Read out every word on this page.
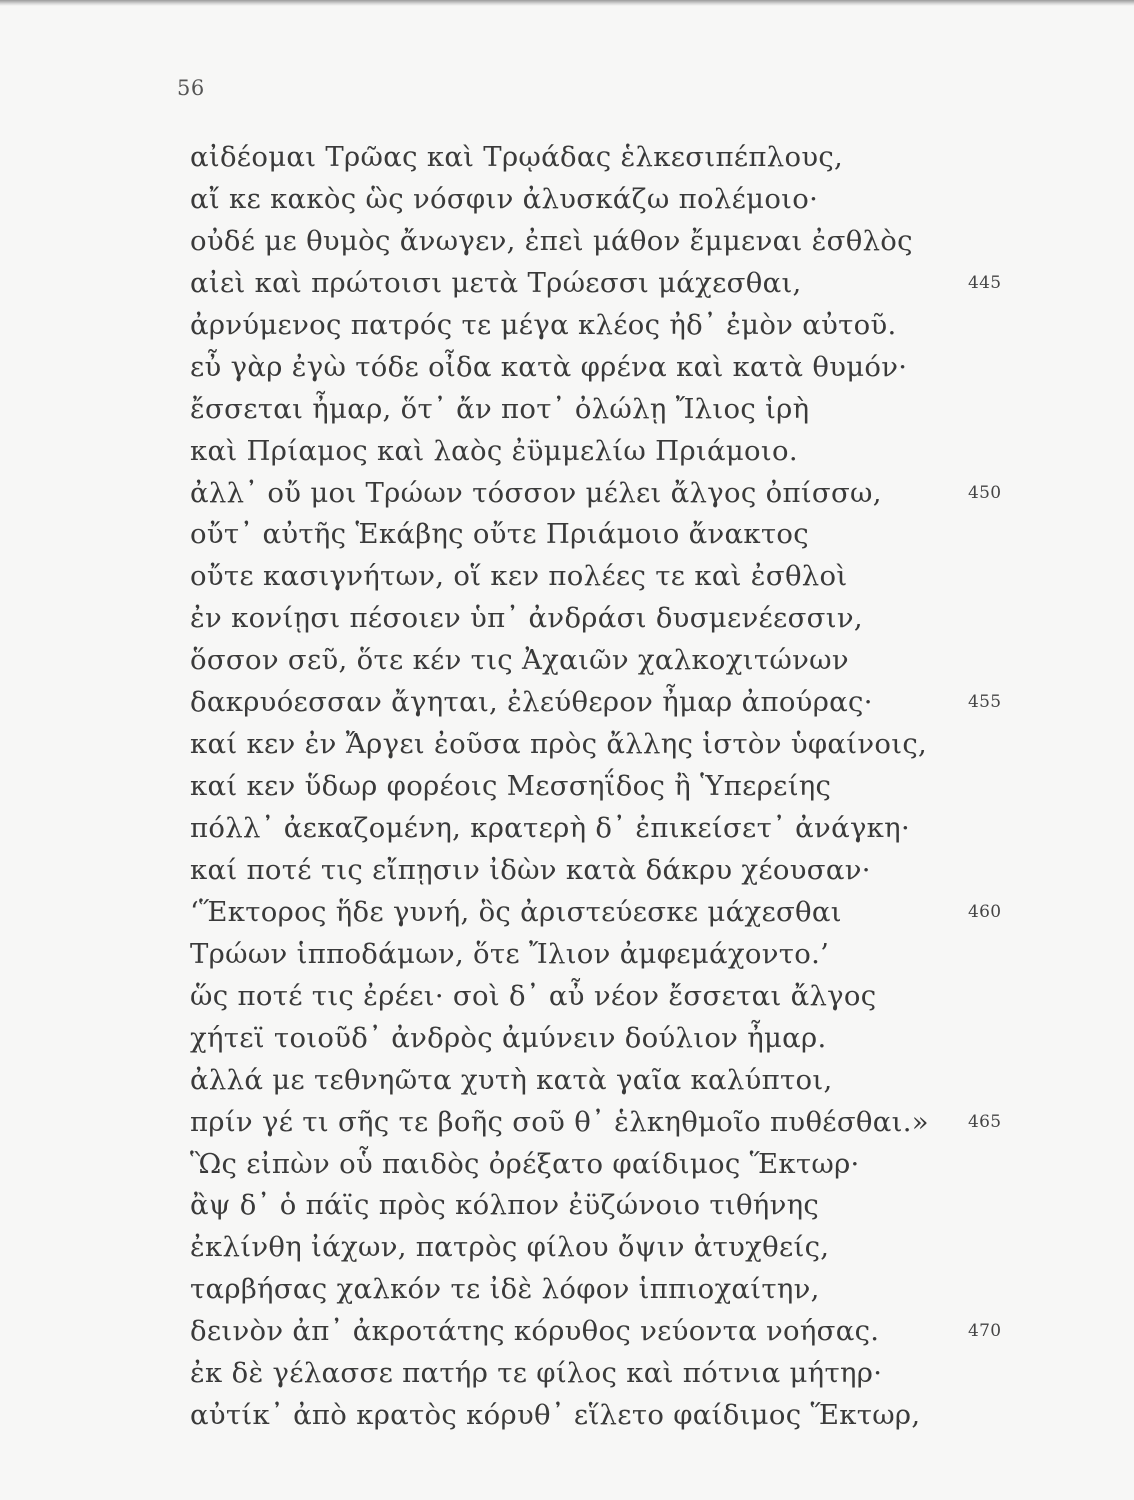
56
αἰδέομαι Τρῶας καὶ Τρῳάδας ἑλκεσιπέπλους,
αἴ κε κακὸς ὣς νόσφιν ἀλυσκάζω πολέμοιο·
οὐδέ με θυμὸς ἄνωγεν, ἐπεὶ μάθον ἔμμεναι ἐσθλὸς
αἰεὶ καὶ πρώτοισι μετὰ Τρώεσσι μάχεσθαι,	445
ἀρνύμενος πατρός τε μέγα κλέος ἠδ᾽ ἐμὸν αὐτοῦ.
εὖ γὰρ ἐγὼ τόδε οἶδα κατὰ φρένα καὶ κατὰ θυμόν·
ἔσσεται ἦμαρ, ὅτ᾽ ἄν ποτ᾽ ὀλώλῃ Ἴλιος ἱρὴ
καὶ Πρίαμος καὶ λαὸς ἐϋμμελίω Πριάμοιο.
ἀλλ᾽ οὔ μοι Τρώων τόσσον μέλει ἄλγος ὀπίσσω,	450
οὔτ᾽ αὐτῆς Ἑκάβης οὔτε Πριάμοιο ἄνακτος
οὔτε κασιγνήτων, οἵ κεν πολέες τε καὶ ἐσθλοὶ
ἐν κονίῃσι πέσοιεν ὑπ᾽ ἀνδράσι δυσμενέεσσιν,
ὅσσον σεῦ, ὅτε κέν τις Ἀχαιῶν χαλκοχιτώνων
δακρυόεσσαν ἄγηται, ἐλεύθερον ἦμαρ ἀπούρας·	455
καί κεν ἐν Ἄργει ἐοῦσα πρὸς ἄλλης ἱστὸν ὑφαίνοις,
καί κεν ὕδωρ φορέοις Μεσσηΐδος ἢ Ὑπερείης
πόλλ᾽ ἀεκαζομένη, κρατερὴ δ᾽ ἐπικείσετ᾽ ἀνάγκη·
καί ποτέ τις εἴπῃσιν ἰδὼν κατὰ δάκρυ χέουσαν·
‘Ἕκτορος ἥδε γυνή, ὃς ἀριστεύεσκε μάχεσθαι	460
Τρώων ἱπποδάμων, ὅτε Ἴλιον ἀμφεμάχοντο.’
ὥς ποτέ τις ἐρέει· σοὶ δ᾽ αὖ νέον ἔσσεται ἄλγος
χήτεϊ τοιοῦδ᾽ ἀνδρὸς ἀμύνειν δούλιον ἦμαρ.
ἀλλά με τεθνηῶτα χυτὴ κατὰ γαῖα καλύπτοι,
πρίν γέ τι σῆς τε βοῆς σοῦ θ᾽ ἑλκηθμοῖο πυθέσθαι.» 465
Ὣς εἰπὼν οὗ παιδὸς ὀρέξατο φαίδιμος Ἕκτωρ·
ἂψ δ᾽ ὁ πάϊς πρὸς κόλπον ἐϋζώνοιο τιθήνης
ἐκλίνθη ἰάχων, πατρὸς φίλου ὄψιν ἀτυχθείς,
ταρβήσας χαλκόν τε ἰδὲ λόφον ἱππιοχαίτην,
δεινὸν ἀπ᾽ ἀκροτάτης κόρυθος νεύοντα νοήσας.	470
ἐκ δὲ γέλασσε πατήρ τε φίλος καὶ πότνια μήτηρ·
αὐτίκ᾽ ἀπὸ κρατὸς κόρυθ᾽ εἵλετο φαίδιμος Ἕκτωρ,
